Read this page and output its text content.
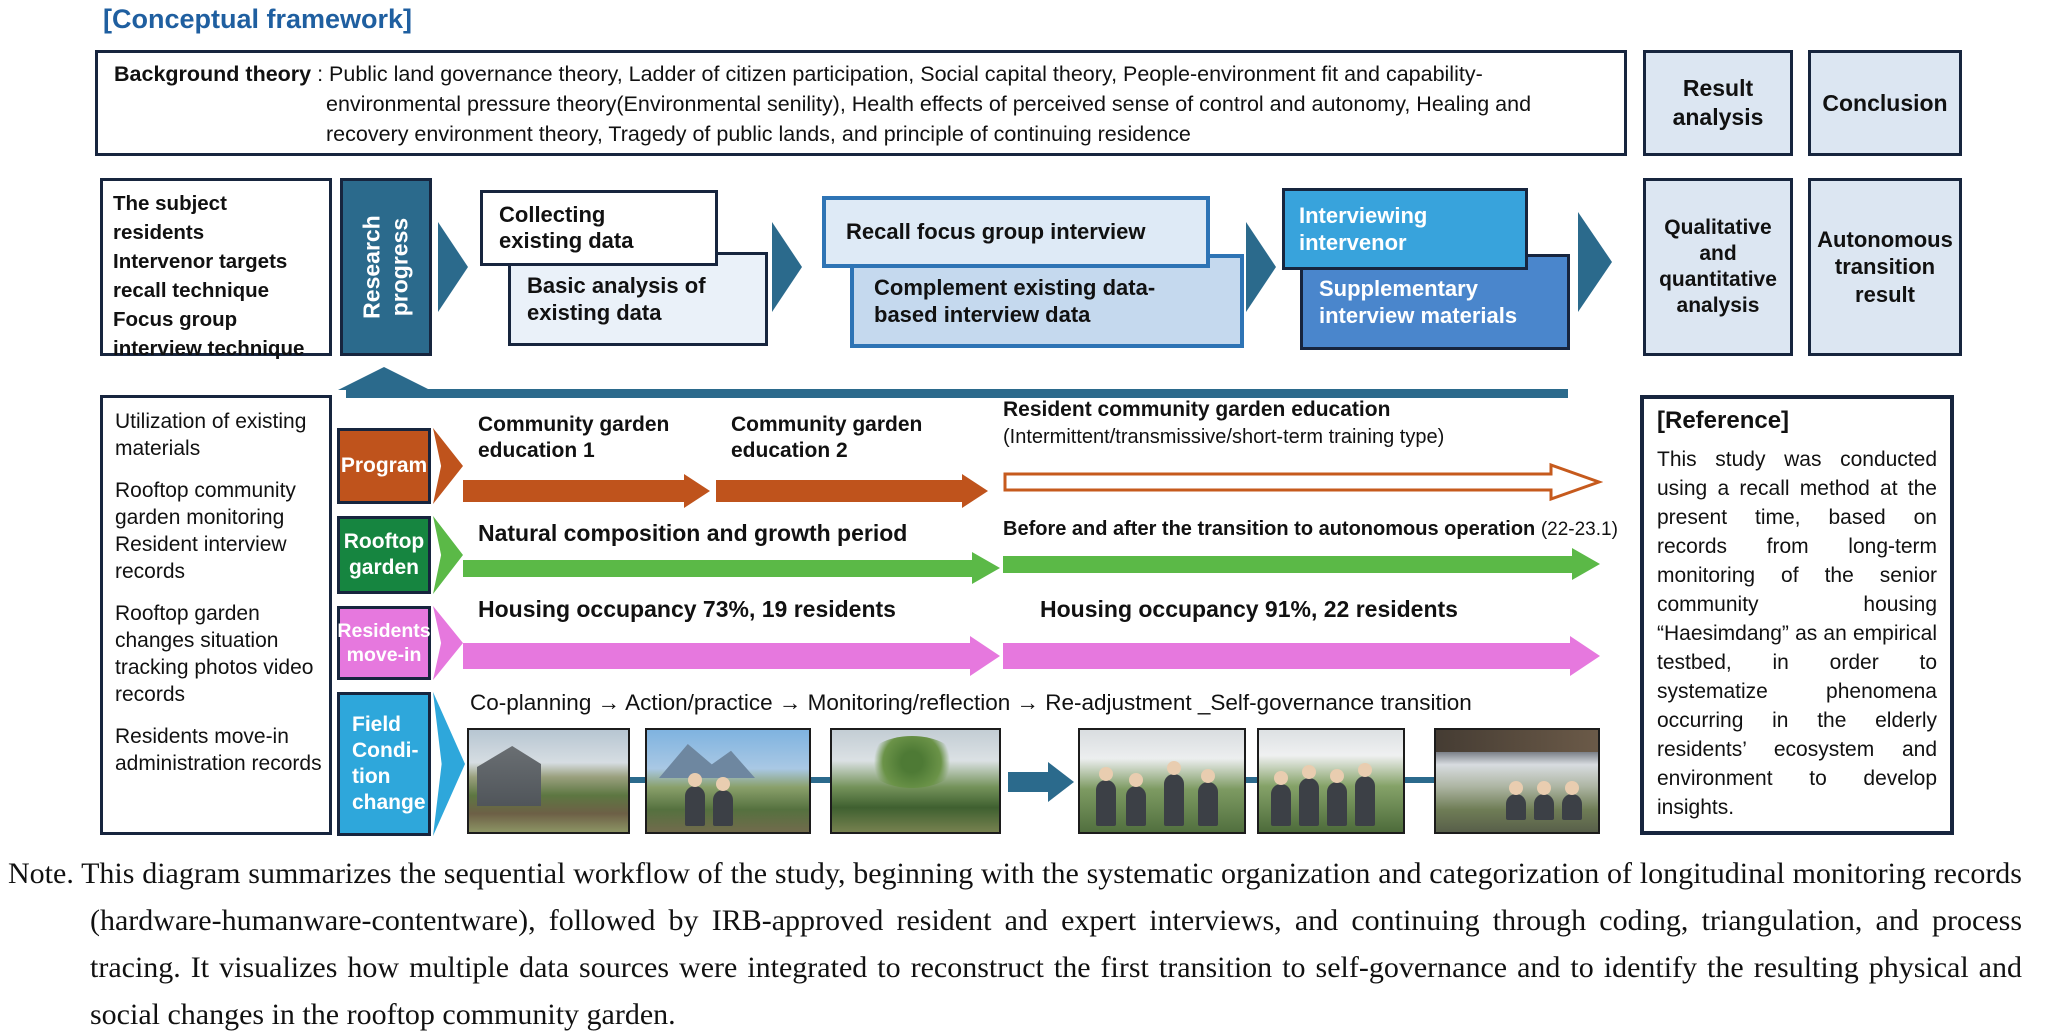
[Conceptual framework]

Background theory : Public land governance theory, Ladder of citizen participation, Social capital theory, People-environment fit and capability-environmental pressure theory(Environmental senility), Health effects of perceived sense of control and autonomy, Healing and recovery environment theory, Tragedy of public lands, and principle of continuing residence

Result
analysis
Conclusion
The subject residents
Intervenor targets
recall technique
Focus group
interview technique
Research
progress
Collecting
existing data
Basic analysis of
existing data
Recall focus group interview
Complement existing data-
based interview data
Interviewing
intervenor
Supplementary
interview materials
Qualitative
and
quantitative
analysis
Autonomous
transition
result

Utilization of existing materials

Rooftop community garden monitoring Resident interview records

Rooftop garden changes situation tracking photos video records

Residents move-in administration records

Program
Rooftop
garden
Residents
move-in
Field
Condi-
tion
change
Community garden
education 1
Community garden
education 2
Resident community garden education
(Intermittent/transmissive/short-term training type)
Natural composition and growth period	Before and after the transition to autonomous operation (22-23.1)
Housing occupancy 73%, 19 residents	Housing occupancy 91%, 22 residents
Co-planning → Action/practice → Monitoring/reflection → Re-adjustment _Self-governance transition
[Reference]

This study was conducted using a recall method at the present time, based on records from long-term monitoring of the senior community housing “Haesimdang” as an empirical testbed, in order to systematize phenomena occurring in the elderly residents’ ecosystem and environment to develop insights.

Note. This diagram summarizes the sequential workflow of the study, beginning with the systematic organization and categorization of longitudinal monitoring records (hardware-humanware-contentware), followed by IRB-approved resident and expert interviews, and continuing through coding, triangulation, and process tracing. It visualizes how multiple data sources were integrated to reconstruct the first transition to self-governance and to identify the resulting physical and social changes in the rooftop community garden.
